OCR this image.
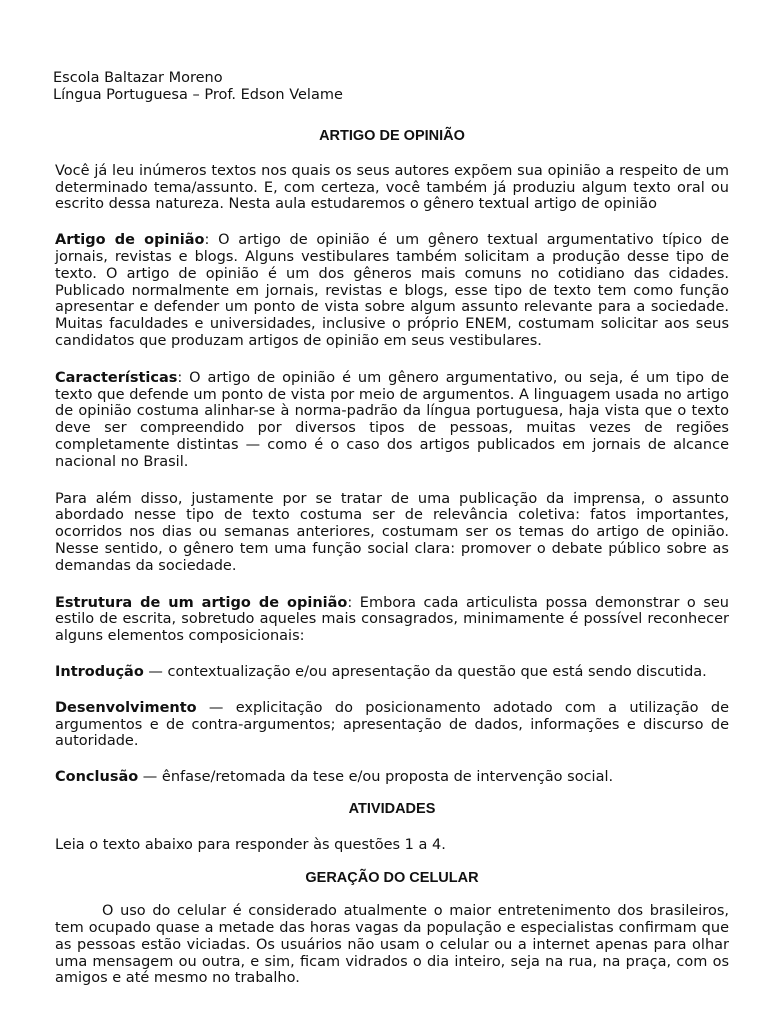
Escola Baltazar Moreno
Língua Portuguesa – Prof. Edson Velame
ARTIGO DE OPINIÃO

Você já leu inúmeros textos nos quais os seus autores expõem sua opinião a respeito de um determinado tema/assunto. E, com certeza, você também já produziu algum texto oral ou escrito dessa natureza. Nesta aula estudaremos o gênero textual artigo de opinião

Artigo de opinião: O artigo de opinião é um gênero textual argumentativo típico de jornais, revistas e blogs. Alguns vestibulares também solicitam a produção desse tipo de texto. O artigo de opinião é um dos gêneros mais comuns no cotidiano das cidades. Publicado normalmente em jornais, revistas e blogs, esse tipo de texto tem como função apresentar e defender um ponto de vista sobre algum assunto relevante para a sociedade. Muitas faculdades e universidades, inclusive o próprio ENEM, costumam solicitar aos seus candidatos que produzam artigos de opinião em seus vestibulares.

Características: O artigo de opinião é um gênero argumentativo, ou seja, é um tipo de texto que defende um ponto de vista por meio de argumentos. A linguagem usada no artigo de opinião costuma alinhar-se à norma-padrão da língua portuguesa, haja vista que o texto deve ser compreendido por diversos tipos de pessoas, muitas vezes de regiões completamente distintas — como é o caso dos artigos publicados em jornais de alcance nacional no Brasil.

Para além disso, justamente por se tratar de uma publicação da imprensa, o assunto abordado nesse tipo de texto costuma ser de relevância coletiva: fatos importantes, ocorridos nos dias ou semanas anteriores, costumam ser os temas do artigo de opinião. Nesse sentido, o gênero tem uma função social clara: promover o debate público sobre as demandas da sociedade.

Estrutura de um artigo de opinião: Embora cada articulista possa demonstrar o seu estilo de escrita, sobretudo aqueles mais consagrados, minimamente é possível reconhecer alguns elementos composicionais:

Introdução — contextualização e/ou apresentação da questão que está sendo discutida.

Desenvolvimento — explicitação do posicionamento adotado com a utilização de argumentos e de contra-argumentos; apresentação de dados, informações e discurso de autoridade.

Conclusão — ênfase/retomada da tese e/ou proposta de intervenção social.

ATIVIDADES

Leia o texto abaixo para responder às questões 1 a 4.

GERAÇÃO DO CELULAR

O uso do celular é considerado atualmente o maior entretenimento dos brasileiros, tem ocupado quase a metade das horas vagas da população e especialistas confirmam que as pessoas estão viciadas. Os usuários não usam o celular ou a internet apenas para olhar uma mensagem ou outra, e sim, ficam vidrados o dia inteiro, seja na rua, na praça, com os amigos e até mesmo no trabalho.
